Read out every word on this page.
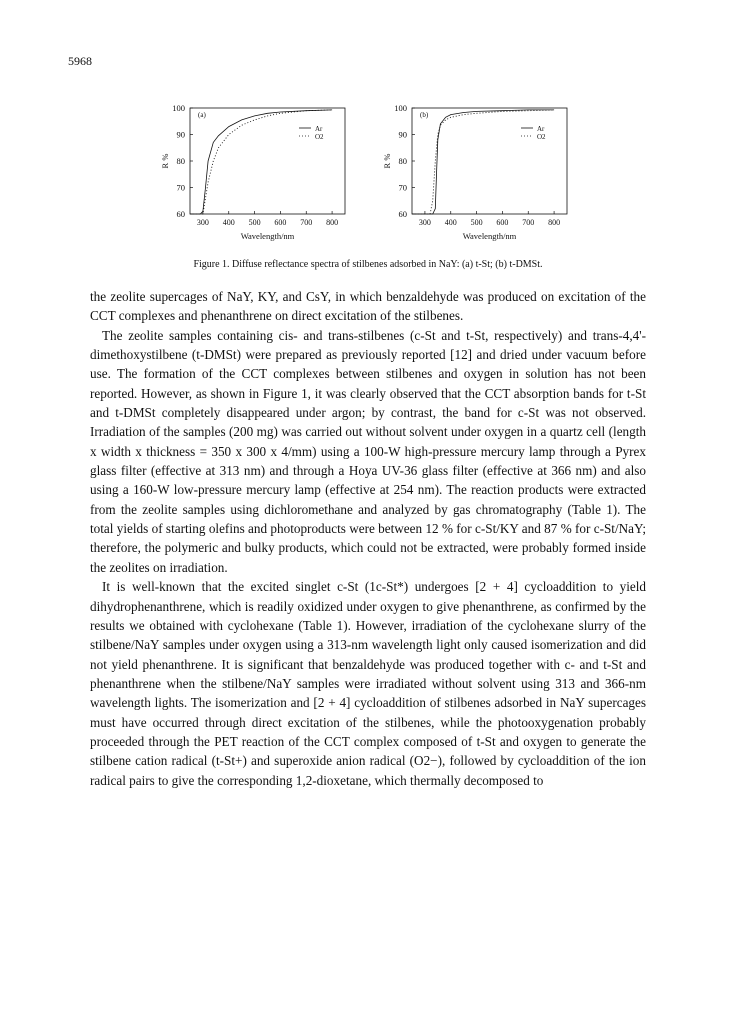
5968
60
70
80
90
100
300 400 500 600 700 800
Wavelength/nm
R %
(a)
Ar
O2
60
70
80
90
100
300 400 500 600 700 800
Wavelength/nm
R %
(b)
Ar
O2
Figure 1. Diffuse reflectance spectra of stilbenes adsorbed in NaY: (a) t-St; (b) t-DMSt.

the zeolite supercages of NaY, KY, and CsY, in which benzaldehyde was produced on excitation of the CCT complexes and phenanthrene on direct excitation of the stilbenes.

The zeolite samples containing cis- and trans-stilbenes (c-St and t-St, respectively) and trans-4,4'-dimethoxystilbene (t-DMSt) were prepared as previously reported [12] and dried under vacuum before use. The formation of the CCT complexes between stilbenes and oxygen in solution has not been reported. However, as shown in Figure 1, it was clearly observed that the CCT absorption bands for t-St and t-DMSt completely disappeared under argon; by contrast, the band for c-St was not observed. Irradiation of the samples (200 mg) was carried out without solvent under oxygen in a quartz cell (length x width x thickness = 350 x 300 x 4/mm) using a 100-W high-pressure mercury lamp through a Pyrex glass filter (effective at 313 nm) and through a Hoya UV-36 glass filter (effective at 366 nm) and also using a 160-W low-pressure mercury lamp (effective at 254 nm). The reaction products were extracted from the zeolite samples using dichloromethane and analyzed by gas chromatography (Table 1). The total yields of starting olefins and photoproducts were between 12 % for c-St/KY and 87 % for c-St/NaY; therefore, the polymeric and bulky products, which could not be extracted, were probably formed inside the zeolites on irradiation.

It is well-known that the excited singlet c-St (1c-St*) undergoes [2 + 4] cycloaddition to yield dihydrophenanthrene, which is readily oxidized under oxygen to give phenanthrene, as confirmed by the results we obtained with cyclohexane (Table 1). However, irradiation of the cyclohexane slurry of the stilbene/NaY samples under oxygen using a 313-nm wavelength light only caused isomerization and did not yield phenanthrene. It is significant that benzaldehyde was produced together with c- and t-St and phenanthrene when the stilbene/NaY samples were irradiated without solvent using 313 and 366-nm wavelength lights. The isomerization and [2 + 4] cycloaddition of stilbenes adsorbed in NaY supercages must have occurred through direct excitation of the stilbenes, while the photooxygenation probably proceeded through the PET reaction of the CCT complex composed of t-St and oxygen to generate the stilbene cation radical (t-St+) and superoxide anion radical (O2−), followed by cycloaddition of the ion radical pairs to give the corresponding 1,2-dioxetane, which thermally decomposed to
